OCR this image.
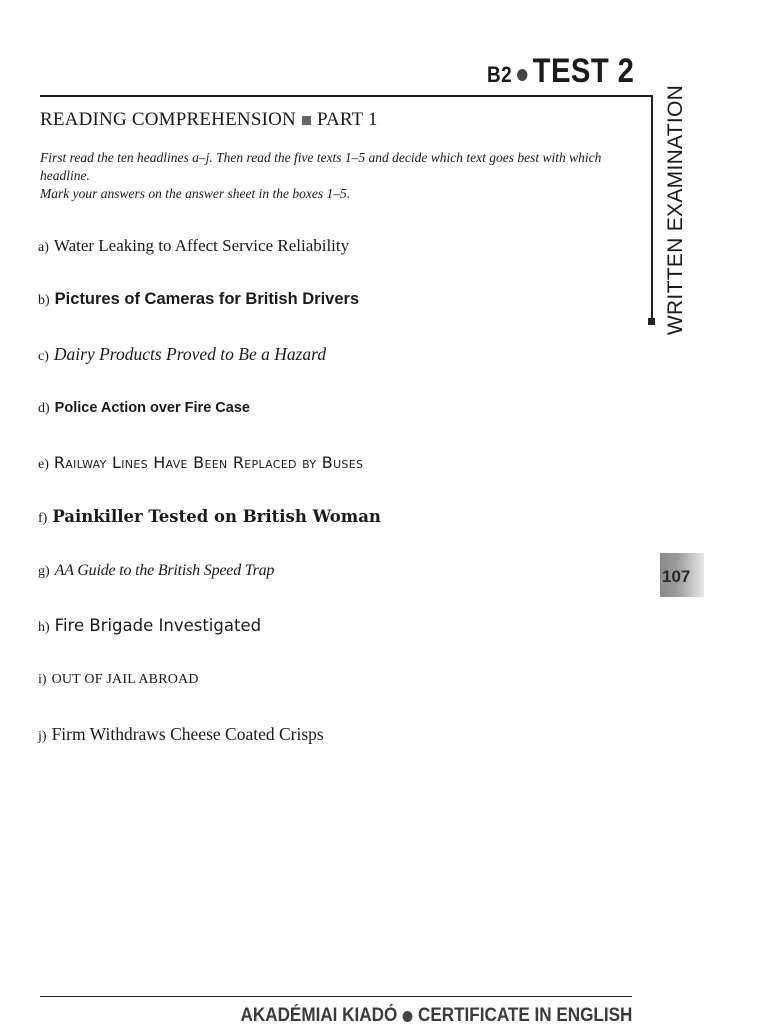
B2 TEST 2
WRITTEN EXAMINATION
READING COMPREHENSION PART 1

First read the ten headlines a–j. Then read the five texts 1–5 and decide which text goes best with which headline.

Mark your answers on the answer sheet in the boxes 1–5.

a) Water Leaking to Affect Service Reliability
b) Pictures of Cameras for British Drivers
c) Dairy Products Proved to Be a Hazard
d) Police Action over Fire Case
e) Railway Lines Have Been Replaced by Buses
f) Painkiller Tested on British Woman
g) AA Guide to the British Speed Trap
h) Fire Brigade Investigated
i) OUT OF JAIL ABROAD
j) Firm Withdraws Cheese Coated Crisps
107
AKADÉMIAI KIADÓ CERTIFICATE IN ENGLISH
